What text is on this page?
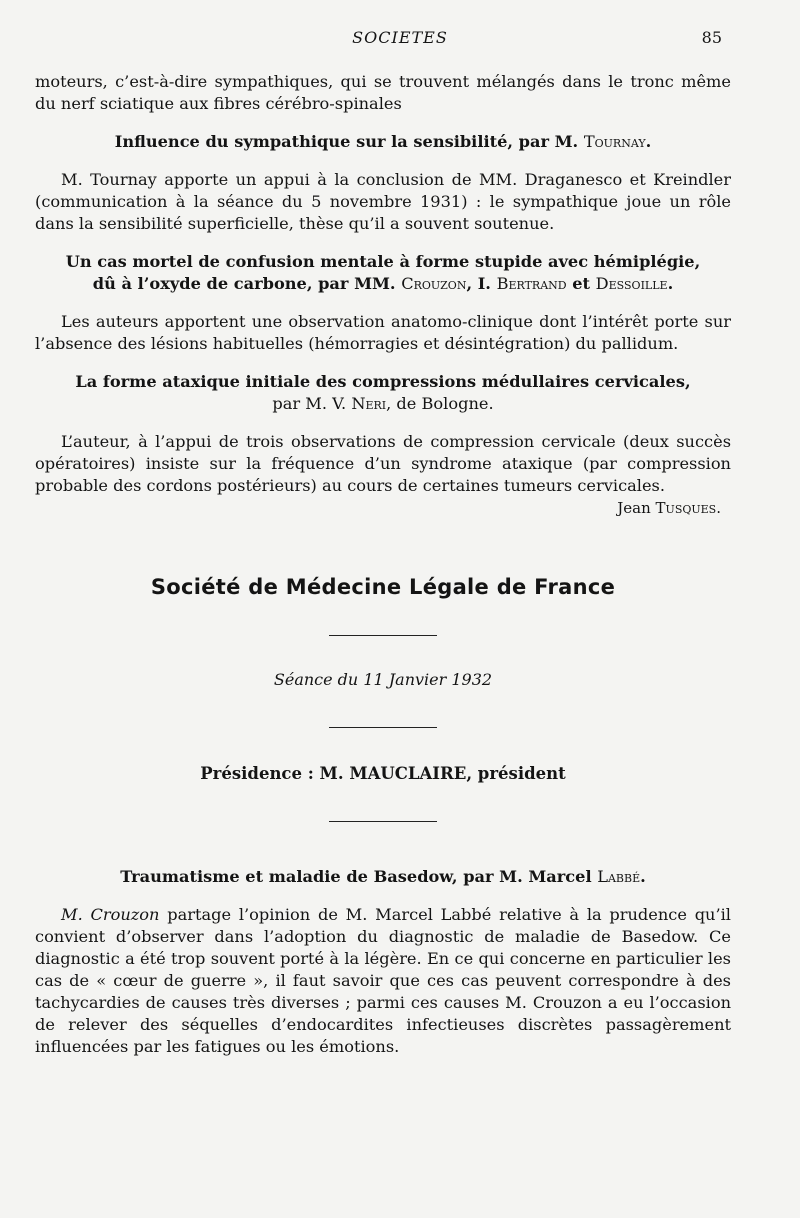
SOCIETES	85

moteurs, c’est-à-dire sympathiques, qui se trouvent mélangés dans le tronc même du nerf sciatique aux fibres cérébro-spinales

Influence du sympathique sur la sensibilité, par M. Tournay.

M. Tournay apporte un appui à la conclusion de MM. Draganesco et Kreindler (communication à la séance du 5 novembre 1931) : le sympathique joue un rôle dans la sensibilité superficielle, thèse qu’il a souvent soutenue.

Un cas mortel de confusion mentale à forme stupide avec hémiplégie,
dû à l’oxyde de carbone, par MM. Crouzon, I. Bertrand et Dessoille.

Les auteurs apportent une observation anatomo-clinique dont l’intérêt porte sur l’absence des lésions habituelles (hémorragies et désintégration) du pallidum.

La forme ataxique initiale des compressions médullaires cervicales,
par M. V. Neri, de Bologne.

L’auteur, à l’appui de trois observations de compression cervicale (deux succès opératoires) insiste sur la fréquence d’un syndrome ataxique (par compression probable des cordons postérieurs) au cours de certaines tumeurs cervicales.

Jean Tusques.
Société de Médecine Légale de France
Séance du 11 Janvier 1932
Présidence : M. MAUCLAIRE, président
Traumatisme et maladie de Basedow, par M. Marcel Labbé.

M. Crouzon partage l’opinion de M. Marcel Labbé relative à la prudence qu’il convient d’observer dans l’adoption du diagnostic de maladie de Basedow. Ce diagnostic a été trop souvent porté à la légère. En ce qui concerne en particulier les cas de « cœur de guerre », il faut savoir que ces cas peuvent correspondre à des tachycardies de causes très diverses ; parmi ces causes M. Crouzon a eu l’occasion de relever des séquelles d’endocardites infectieuses discrètes passagèrement influencées par les fatigues ou les émotions.
